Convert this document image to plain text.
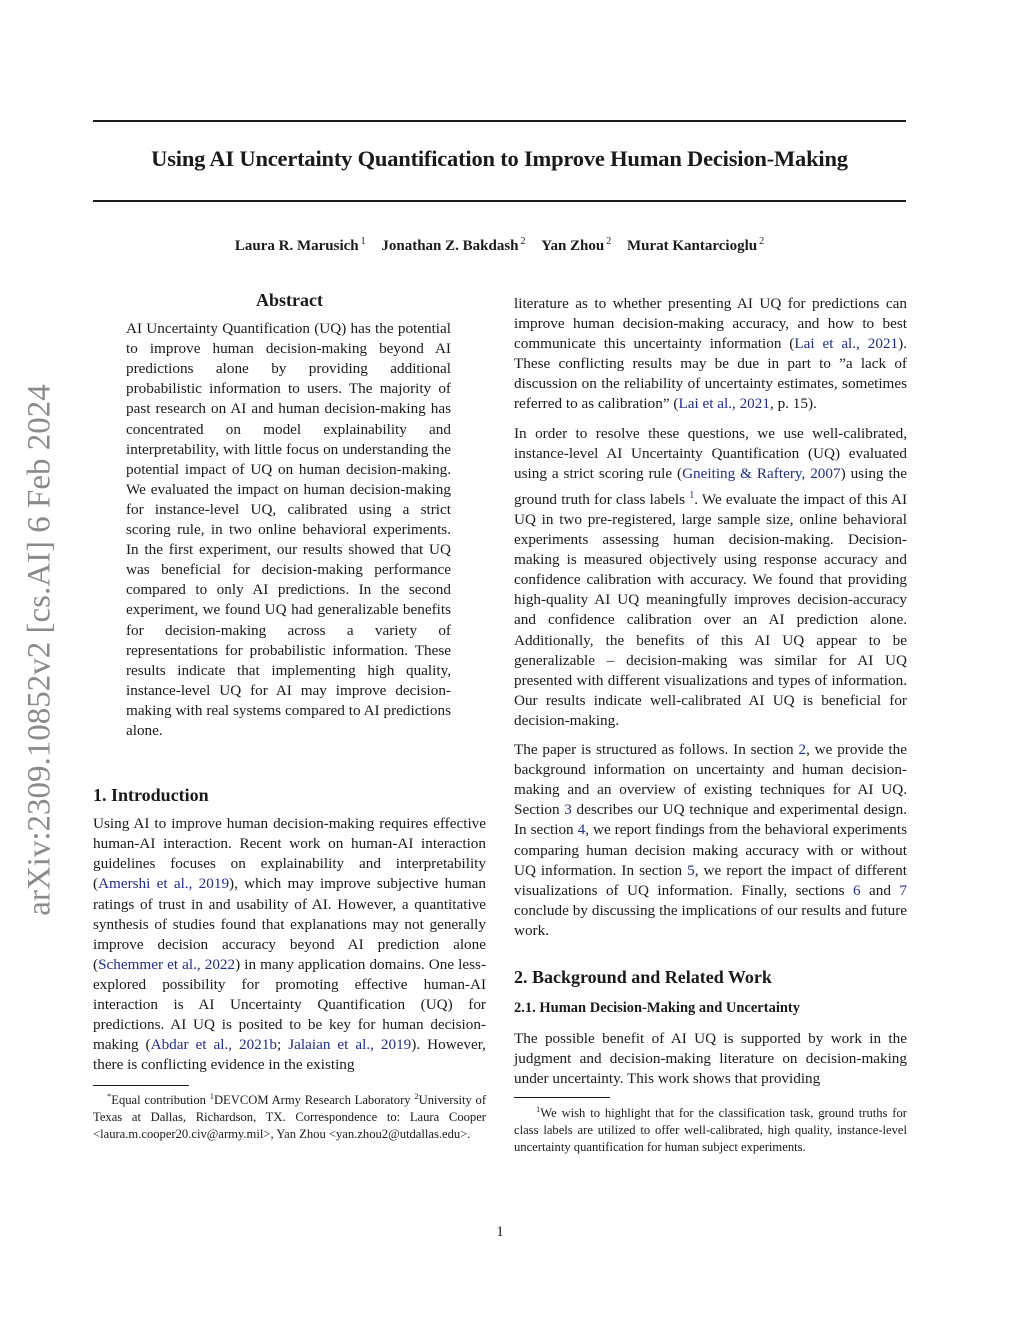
arXiv:2309.10852v2 [cs.AI] 6 Feb 2024
Using AI Uncertainty Quantification to Improve Human Decision-Making
Laura R. Marusich $^1$ Jonathan Z. Bakdash $^2$ Yan Zhou $^2$ Murat Kantarcioglu $^2$
Abstract
AI Uncertainty Quantification (UQ) has the potential to improve human decision-making beyond AI predictions alone by providing additional probabilistic information to users. The majority of past research on AI and human decision-making has concentrated on model explainability and interpretability, with little focus on understanding the potential impact of UQ on human decision-making. We evaluated the impact on human decision-making for instance-level UQ, calibrated using a strict scoring rule, in two online behavioral experiments. In the first experiment, our results showed that UQ was beneficial for decision-making performance compared to only AI predictions. In the second experiment, we found UQ had generalizable benefits for decision-making across a variety of representations for probabilistic information. These results indicate that implementing high quality, instance-level UQ for AI may improve decision-making with real systems compared to AI predictions alone.
1. Introduction

Using AI to improve human decision-making requires effective human-AI interaction. Recent work on human-AI interaction guidelines focuses on explainability and interpretability (Amershi et al., 2019), which may improve subjective human ratings of trust in and usability of AI. However, a quantitative synthesis of studies found that explanations may not generally improve decision accuracy beyond AI prediction alone (Schemmer et al., 2022) in many application domains. One less-explored possibility for promoting effective human-AI interaction is AI Uncertainty Quantification (UQ) for predictions. AI UQ is posited to be key for human decision-making (Abdar et al., 2021b; Jalaian et al., 2019). However, there is conflicting evidence in the existing

*Equal contribution $^1$DEVCOM Army Research Laboratory $^2$University of Texas at Dallas, Richardson, TX. Correspondence to: Laura Cooper <laura.m.cooper20.civ@army.mil>, Yan Zhou <yan.zhou2@utdallas.edu>.

literature as to whether presenting AI UQ for predictions can improve human decision-making accuracy, and how to best communicate this uncertainty information (Lai et al., 2021). These conflicting results may be due in part to ”a lack of discussion on the reliability of uncertainty estimates, sometimes referred to as calibration” (Lai et al., 2021, p. 15).

In order to resolve these questions, we use well-calibrated, instance-level AI Uncertainty Quantification (UQ) evaluated using a strict scoring rule (Gneiting & Raftery, 2007) using the ground truth for class labels $^1$. We evaluate the impact of this AI UQ in two pre-registered, large sample size, online behavioral experiments assessing human decision-making. Decision-making is measured objectively using response accuracy and confidence calibration with accuracy. We found that providing high-quality AI UQ meaningfully improves decision-accuracy and confidence calibration over an AI prediction alone. Additionally, the benefits of this AI UQ appear to be generalizable – decision-making was similar for AI UQ presented with different visualizations and types of information. Our results indicate well-calibrated AI UQ is beneficial for decision-making.

The paper is structured as follows. In section 2, we provide the background information on uncertainty and human decision-making and an overview of existing techniques for AI UQ. Section 3 describes our UQ technique and experimental design. In section 4, we report findings from the behavioral experiments comparing human decision making accuracy with or without UQ information. In section 5, we report the impact of different visualizations of UQ information. Finally, sections 6 and 7 conclude by discussing the implications of our results and future work.

2. Background and Related Work
2.1. Human Decision-Making and Uncertainty

The possible benefit of AI UQ is supported by work in the judgment and decision-making literature on decision-making under uncertainty. This work shows that providing

$^1$We wish to highlight that for the classification task, ground truths for class labels are utilized to offer well-calibrated, high quality, instance-level uncertainty quantification for human subject experiments.
1
